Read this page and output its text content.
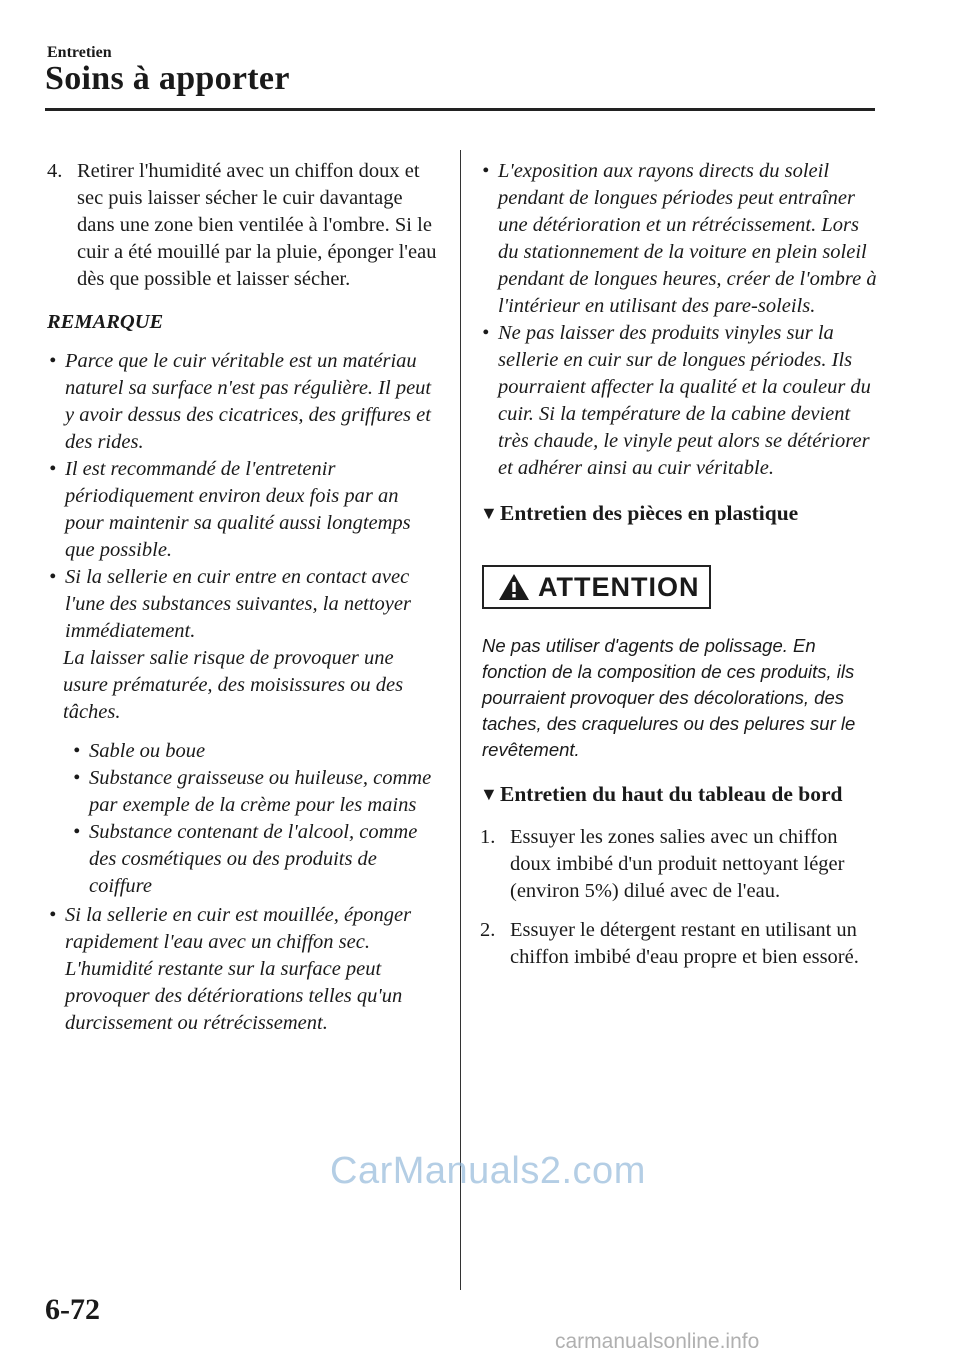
Entretien
Soins à apporter
4. Retirer l'humidité avec un chiffon doux et sec puis laisser sécher le cuir davantage dans une zone bien ventilée à l'ombre. Si le cuir a été mouillé par la pluie, éponger l'eau dès que possible et laisser sécher.
REMARQUE
• Parce que le cuir véritable est un matériau naturel sa surface n'est pas régulière. Il peut y avoir dessus des cicatrices, des griffures et des rides.
• Il est recommandé de l'entretenir périodiquement environ deux fois par an pour maintenir sa qualité aussi longtemps que possible.
• Si la sellerie en cuir entre en contact avec l'une des substances suivantes, la nettoyer immédiatement.
La laisser salie risque de provoquer une usure prématurée, des moisissures ou des tâches.
• Sable ou boue
• Substance graisseuse ou huileuse, comme par exemple de la crème pour les mains
• Substance contenant de l'alcool, comme des cosmétiques ou des produits de coiffure
• Si la sellerie en cuir est mouillée, éponger rapidement l'eau avec un chiffon sec. L'humidité restante sur la surface peut provoquer des détériorations telles qu'un durcissement ou rétrécissement.
• L'exposition aux rayons directs du soleil pendant de longues périodes peut entraîner une détérioration et un rétrécissement. Lors du stationnement de la voiture en plein soleil pendant de longues heures, créer de l'ombre à l'intérieur en utilisant des pare-soleils.
• Ne pas laisser des produits vinyles sur la sellerie en cuir sur de longues périodes. Ils pourraient affecter la qualité et la couleur du cuir. Si la température de la cabine devient très chaude, le vinyle peut alors se détériorer et adhérer ainsi au cuir véritable.
▼ Entretien des pièces en plastique
ATTENTION
Ne pas utiliser d'agents de polissage. En fonction de la composition de ces produits, ils pourraient provoquer des décolorations, des taches, des craquelures ou des pelures sur le revêtement.
▼ Entretien du haut du tableau de bord
1. Essuyer les zones salies avec un chiffon doux imbibé d'un produit nettoyant léger (environ 5%) dilué avec de l'eau.
2. Essuyer le détergent restant en utilisant un chiffon imbibé d'eau propre et bien essoré.
CarManuals2.com
6-72
carmanualsonline.info
